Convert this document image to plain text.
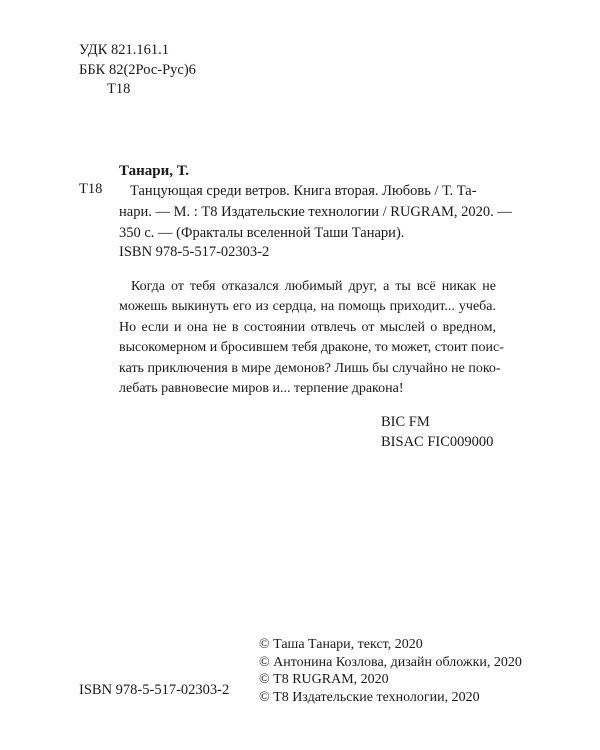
УДК 821.161.1
ББК 82(2Рос-Рус)6
Т18
Танари, Т.
Т18	Танцующая среди ветров. Книга вторая. Любовь / Т. Та-
нари. — М. : Т8 Издательские технологии / RUGRAM, 2020. —
350 с. — (Фракталы вселенной Таши Танари).
ISBN 978-5-517-02303-2
Когда от тебя отказался любимый друг, а ты всё никак не
можешь выкинуть его из сердца, на помощь приходит... учеба.
Но если и она не в состоянии отвлечь от мыслей о вредном,
высокомерном и бросившем тебя драконе, то может, стоит поис-
кать приключения в мире демонов? Лишь бы случайно не поко-
лебать равновесие миров и... терпение дракона!
BIC FM
BISAC FIC009000
ISBN 978-5-517-02303-2
© Таша Танари, текст, 2020
© Антонина Козлова, дизайн обложки, 2020
© Т8 RUGRAM, 2020
© Т8 Издательские технологии, 2020
